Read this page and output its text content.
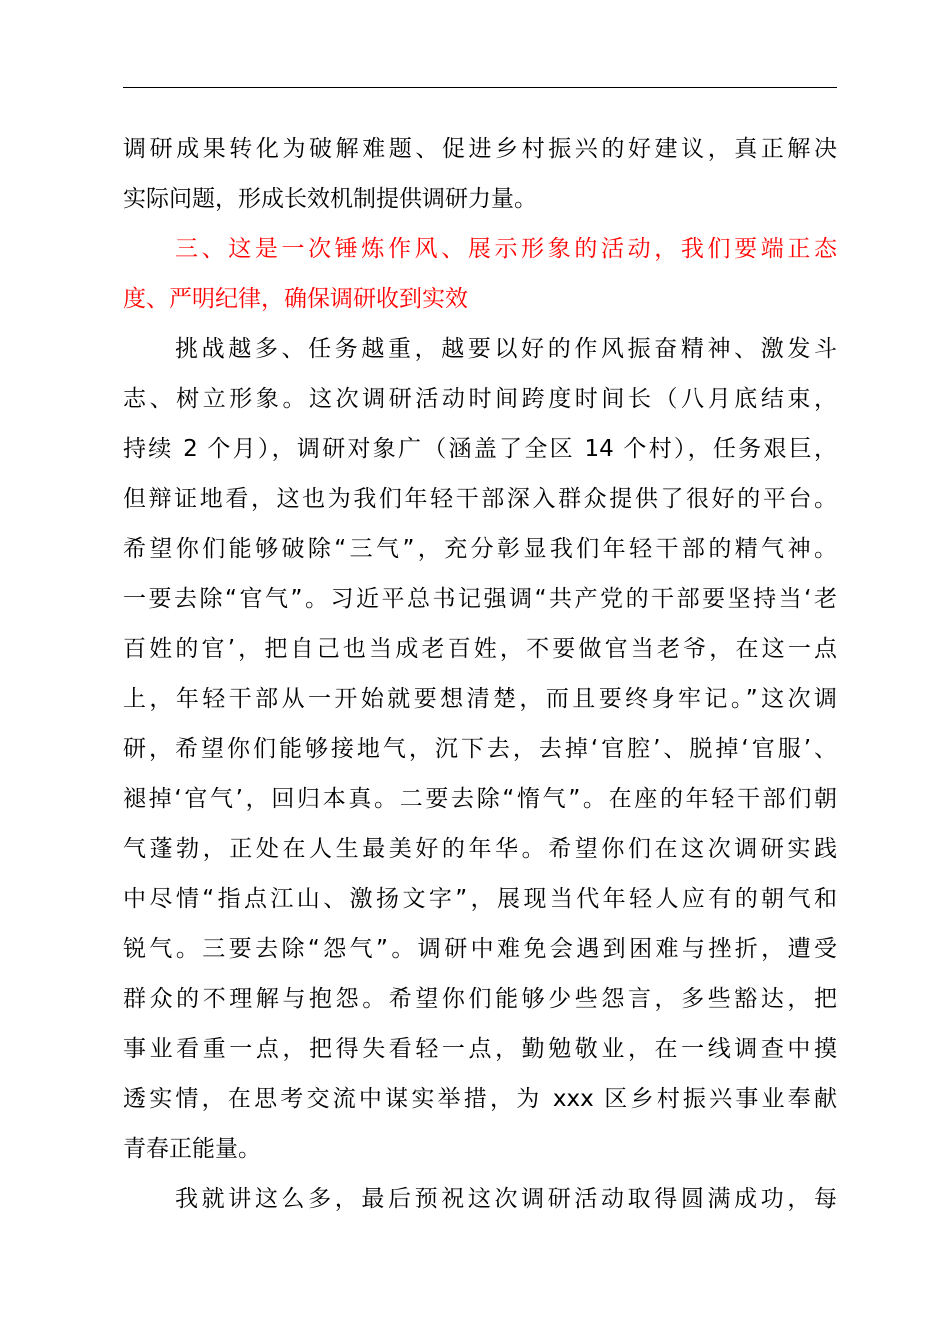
调研成果转化为破解难题、促进乡村振兴的好建议，真正解决
实际问题，形成长效机制提供调研力量。
三、这是一次锤炼作风、展示形象的活动，我们要端正态
度、严明纪律，确保调研收到实效
挑战越多、任务越重，越要以好的作风振奋精神、激发斗
志、树立形象。这次调研活动时间跨度时间长（八月底结束，
持续 2 个月），调研对象广（涵盖了全区 14 个村），任务艰巨，
但辩证地看，这也为我们年轻干部深入群众提供了很好的平台。
希望你们能够破除“三气”，充分彰显我们年轻干部的精气神。
一要去除“官气”。习近平总书记强调“共产党的干部要坚持当‘老
百姓的官’，把自己也当成老百姓，不要做官当老爷，在这一点
上，年轻干部从一开始就要想清楚，而且要终身牢记。”这次调
研，希望你们能够接地气，沉下去，去掉‘官腔’、脱掉‘官服’、
褪掉‘官气’，回归本真。二要去除“惰气”。在座的年轻干部们朝
气蓬勃，正处在人生最美好的年华。希望你们在这次调研实践
中尽情“指点江山、激扬文字”，展现当代年轻人应有的朝气和
锐气。三要去除“怨气”。调研中难免会遇到困难与挫折，遭受
群众的不理解与抱怨。希望你们能够少些怨言，多些豁达，把
事业看重一点，把得失看轻一点，勤勉敬业，在一线调查中摸
透实情，在思考交流中谋实举措，为 xxx 区乡村振兴事业奉献
青春正能量。
我就讲这么多，最后预祝这次调研活动取得圆满成功，每
